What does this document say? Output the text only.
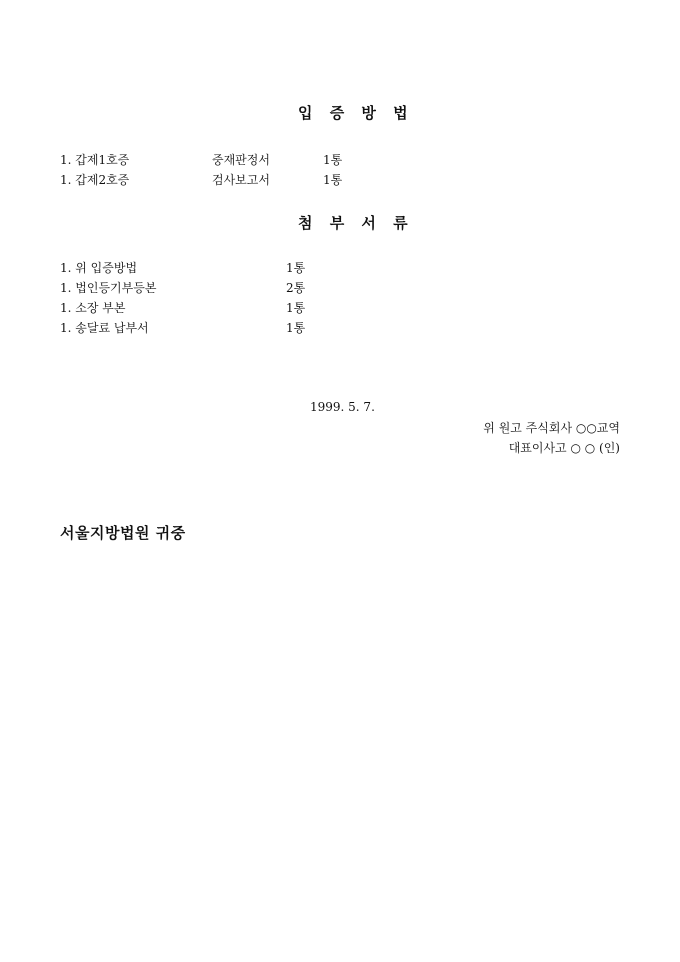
입 증 방 법
1. 갑제1호증	중재판정서	1통
1. 갑제2호증	검사보고서	1통
첨 부 서 류
1. 위 입증방법	1통
1. 법인등기부등본	2통
1. 소장 부본	1통
1. 송달료 납부서	1통
1999. 5. 7.
위 원고 주식회사 ○○교역
대표이사고 ○ ○ (인)
서울지방법원 귀중
